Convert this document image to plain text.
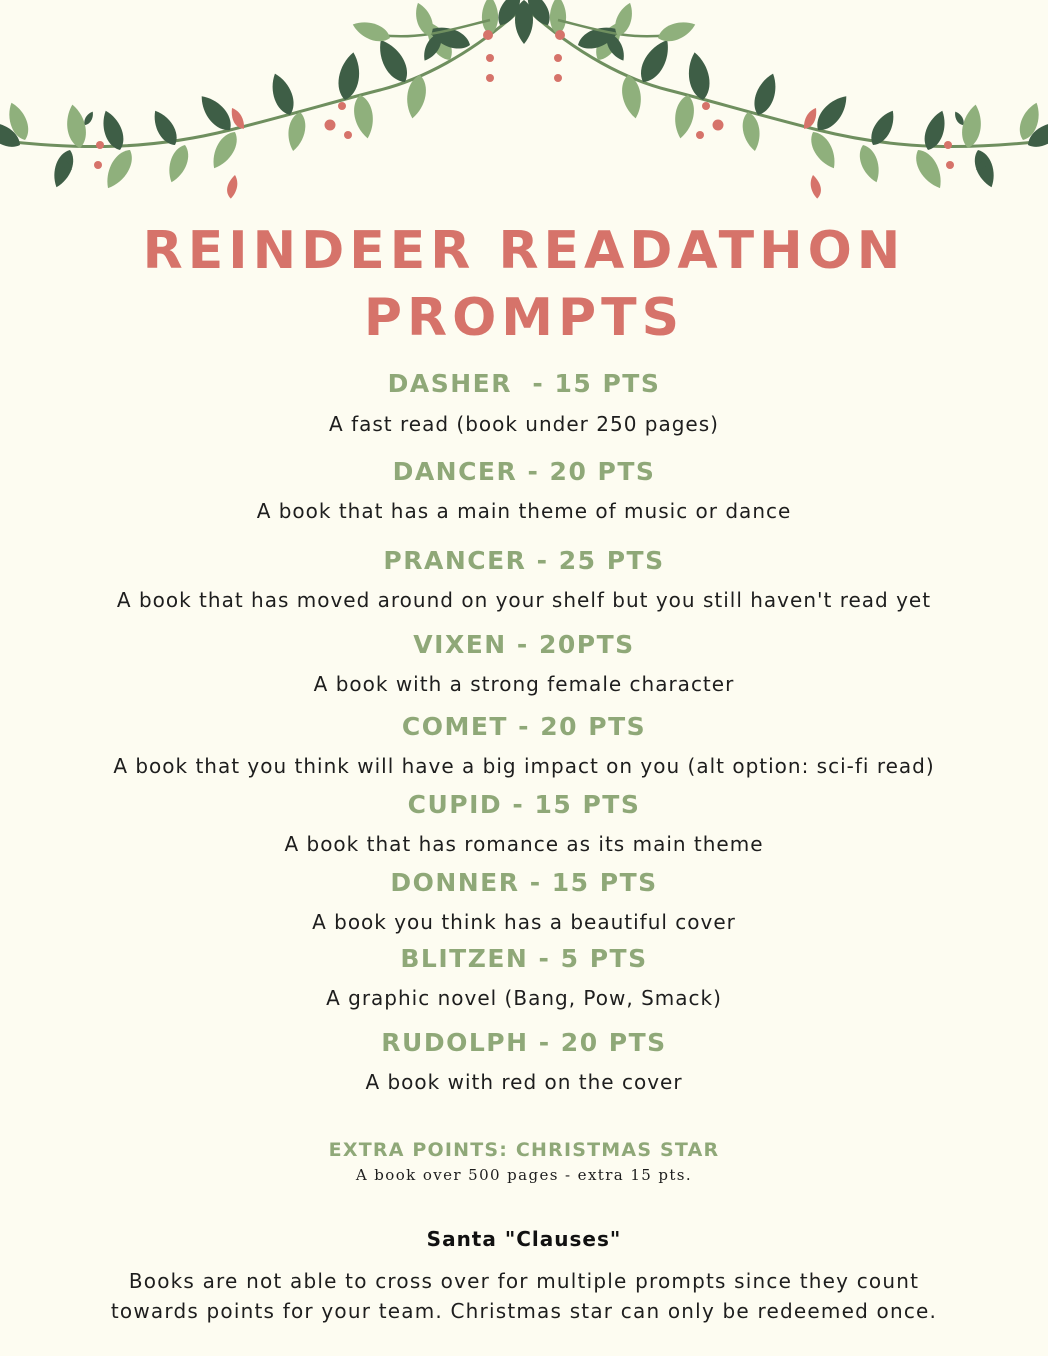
REINDEER READATHON
PROMPTS
DASHER  - 15 PTS
A fast read (book under 250 pages)
DANCER - 20 PTS
A book that has a main theme of music or dance
PRANCER - 25 PTS
A book that has moved around on your shelf but you still haven't read yet
VIXEN - 20PTS
A book with a strong female character
COMET - 20 PTS
A book that you think will have a big impact on you (alt option: sci-fi read)
CUPID - 15 PTS
A book that has romance as its main theme
DONNER - 15 PTS
A book you think has a beautiful cover
BLITZEN - 5 PTS
A graphic novel (Bang, Pow, Smack)
RUDOLPH - 20 PTS
A book with red on the cover
EXTRA POINTS: CHRISTMAS STAR
A book over 500 pages - extra 15 pts.
Santa "Clauses"
Books are not able to cross over for multiple prompts since they count
towards points for your team. Christmas star can only be redeemed once.
